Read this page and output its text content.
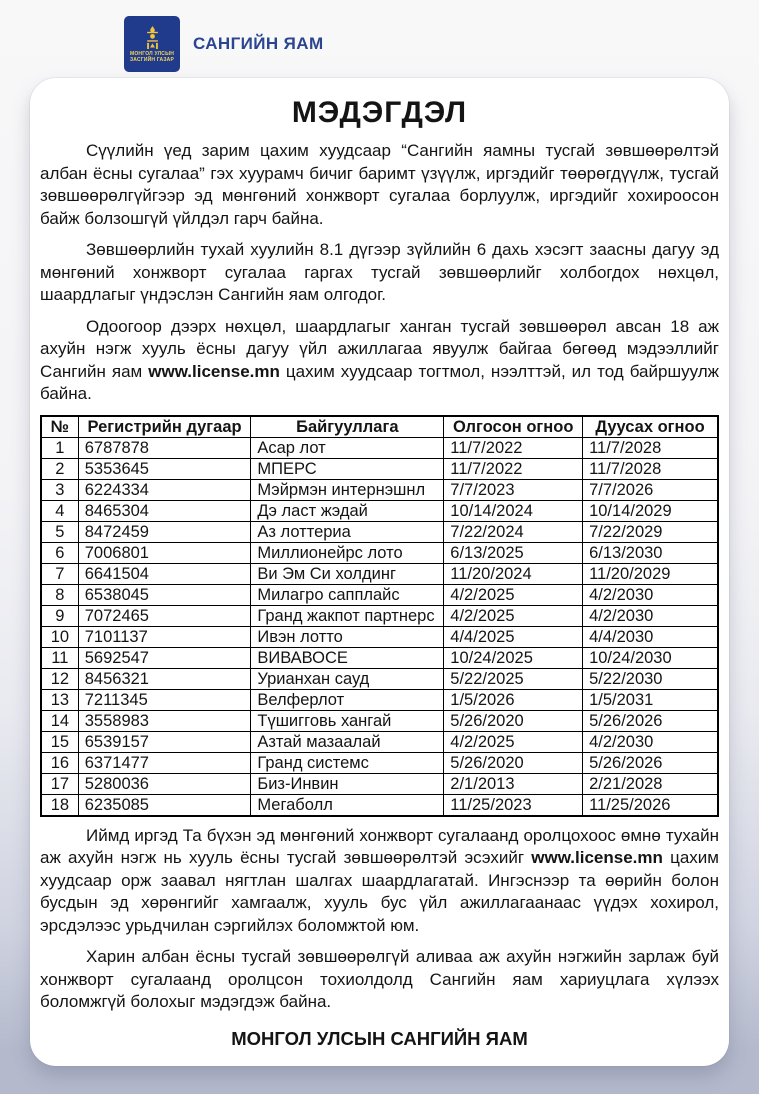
МОНГОЛ УЛСЫН
ЗАСГИЙН ГАЗАР
САНГИЙН ЯАМ
МЭДЭГДЭЛ

Сүүлийн үед зарим цахим хуудсаар “Сангийн яамны тусгай зөвшөөрөлтэй албан ёсны сугалаа” гэх хуурамч бичиг баримт үзүүлж, иргэдийг төөрөгдүүлж, тусгай зөвшөөрөлгүйгээр эд мөнгөний хонжворт сугалаа борлуулж, иргэдийг хохироосон байж болзошгүй үйлдэл гарч байна.

Зөвшөөрлийн тухай хуулийн 8.1 дүгээр зүйлийн 6 дахь хэсэгт заасны дагуу эд мөнгөний хонжворт сугалаа гаргах тусгай зөвшөөрлийг холбогдох нөхцөл, шаардлагыг үндэслэн Сангийн яам олгодог.

Одоогоор дээрх нөхцөл, шаардлагыг ханган тусгай зөвшөөрөл авсан 18 аж ахуйн нэгж хууль ёсны дагуу үйл ажиллагаа явуулж байгаа бөгөөд мэдээллийг Сангийн яам www.license.mn цахим хуудсаар тогтмол, нээлттэй, ил тод байршуулж байна.

№	Регистрийн дугаар	Байгууллага	Олгосон огноо	Дуусах огноо
1	6787878	Асар лот	11/7/2022	11/7/2028
2	5353645	МПЕРС	11/7/2022	11/7/2028
3	6224334	Мэйрмэн интернэшнл	7/7/2023	7/7/2026
4	8465304	Дэ ласт жэдай	10/14/2024	10/14/2029
5	8472459	Аз лоттериа	7/22/2024	7/22/2029
6	7006801	Миллионейрс лото	6/13/2025	6/13/2030
7	6641504	Ви Эм Си холдинг	11/20/2024	11/20/2029
8	6538045	Милагро сапплайс	4/2/2025	4/2/2030
9	7072465	Гранд жакпот партнерс	4/2/2025	4/2/2030
10	7101137	Ивэн лотто	4/4/2025	4/4/2030
11	5692547	ВИВАВОСЕ	10/24/2025	10/24/2030
12	8456321	Урианхан сауд	5/22/2025	5/22/2030
13	7211345	Велферлот	1/5/2026	1/5/2031
14	3558983	Түшигговь хангай	5/26/2020	5/26/2026
15	6539157	Азтай мазаалай	4/2/2025	4/2/2030
16	6371477	Гранд системс	5/26/2020	5/26/2026
17	5280036	Биз-Инвин	2/1/2013	2/21/2028
18	6235085	Мегаболл	11/25/2023	11/25/2026

Иймд иргэд Та бүхэн эд мөнгөний хонжворт сугалаанд оролцохоос өмнө тухайн аж ахуйн нэгж нь хууль ёсны тусгай зөвшөөрөлтэй эсэхийг www.license.mn цахим хуудсаар орж заавал нягтлан шалгах шаардлагатай. Ингэснээр та өөрийн болон бусдын эд хөрөнгийг хамгаалж, хууль бус үйл ажиллагаанаас үүдэх хохирол, эрсдэлээс урьдчилан сэргийлэх боломжтой юм.

Харин албан ёсны тусгай зөвшөөрөлгүй аливаа аж ахуйн нэгжийн зарлаж буй хонжворт сугалаанд оролцсон тохиолдолд Сангийн яам хариуцлага хүлээх боломжгүй болохыг мэдэгдэж байна.

МОНГОЛ УЛСЫН САНГИЙН ЯАМ
